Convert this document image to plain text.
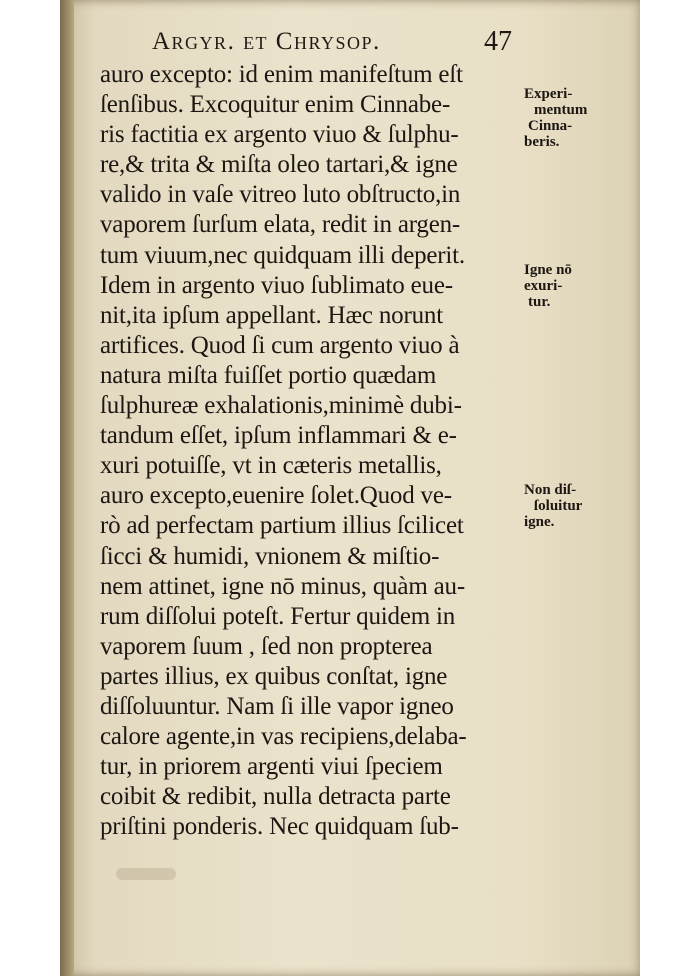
Argyr. et Chrysop.	47
auro excepto: id enim manifeſtum eſt
ſenſibus. Excoquitur enim Cinnabe-
ris factitia ex argento viuo & ſulphu-
re,& trita & miſta oleo tartari,& igne
valido in vaſe vitreo luto obſtructo,in
vaporem ſurſum elata, redit in argen-
tum viuum,nec quidquam illi deperit.
Idem in argento viuo ſublimato eue-
nit,ita ipſum appellant. Hæc norunt
artifices. Quod ſi cum argento viuo à
natura miſta fuiſſet portio quædam
ſulphureæ exhalationis,minimè dubi-
tandum eſſet, ipſum inflammari & e-
xuri potuiſſe, vt in cæteris metallis,
auro excepto,euenire ſolet.Quod ve-
rò ad perfectam partium illius ſcilicet
ſicci & humidi, vnionem & miſtio-
nem attinet, igne nō minus, quàm au-
rum diſſolui poteſt. Fertur quidem in
vaporem ſuum , ſed non propterea
partes illius, ex quibus conſtat, igne
diſſoluuntur. Nam ſi ille vapor igneo
calore agente,in vas recipiens,delaba-
tur, in priorem argenti viui ſpeciem
coibit & redibit, nulla detracta parte
priſtini ponderis. Nec quidquam ſub-
Experi-
mentum
Cinna-
beris.
Igne nō
exuri-
tur.
Non diſ-
ſoluitur
igne.
